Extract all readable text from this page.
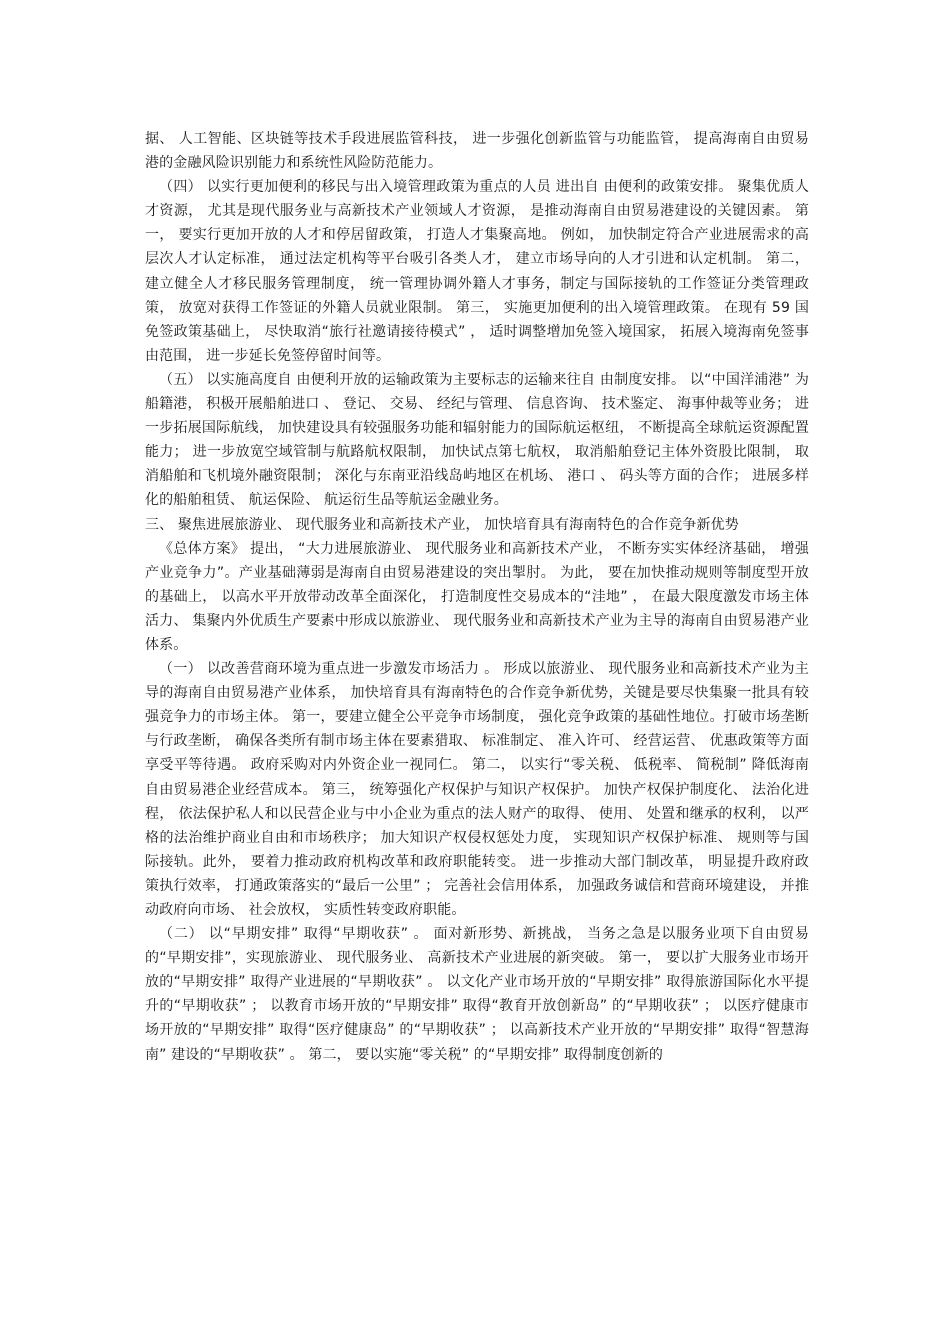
据、 人工智能、区块链等技术手段进展监管科技， 进一步强化创新监管与功能监管， 提高海南自由贸易港的金融风险识别能力和系统性风险防范能力。

（四） 以实行更加便利的移民与出入境管理政策为重点的人员 进出自 由便利的政策安排。 聚集优质人才资源， 尤其是现代服务业与高新技术产业领域人才资源， 是推动海南自由贸易港建设的关键因素。 第一， 要实行更加开放的人才和停居留政策， 打造人才集聚高地。 例如， 加快制定符合产业进展需求的高层次人才认定标准， 通过法定机构等平台吸引各类人才， 建立市场导向的人才引进和认定机制。 第二， 建立健全人才移民服务管理制度， 统一管理协调外籍人才事务，制定与国际接轨的工作签证分类管理政策， 放宽对获得工作签证的外籍人员就业限制。 第三， 实施更加便利的出入境管理政策。 在现有 59 国免签政策基础上， 尽快取消“旅行社邀请接待模式” ， 适时调整增加免签入境国家， 拓展入境海南免签事由范围， 进一步延长免签停留时间等。

（五） 以实施高度自 由便利开放的运输政策为主要标志的运输来往自 由制度安排。 以“中国洋浦港” 为船籍港， 积极开展船舶进口 、 登记、 交易、 经纪与管理、 信息咨询、 技术鉴定、 海事仲裁等业务； 进一步拓展国际航线， 加快建设具有较强服务功能和辐射能力的国际航运枢纽， 不断提高全球航运资源配置能力； 进一步放宽空域管制与航路航权限制， 加快试点第七航权， 取消船舶登记主体外资股比限制， 取消船舶和飞机境外融资限制； 深化与东南亚沿线岛屿地区在机场、 港口 、 码头等方面的合作； 进展多样化的船舶租赁、 航运保险、 航运衍生品等航运金融业务。

三、 聚焦进展旅游业、 现代服务业和高新技术产业， 加快培育具有海南特色的合作竞争新优势

《总体方案》 提出， “大力进展旅游业、 现代服务业和高新技术产业， 不断夯实实体经济基础， 增强产业竞争力”。产业基础薄弱是海南自由贸易港建设的突出掣肘。 为此， 要在加快推动规则等制度型开放的基础上， 以高水平开放带动改革全面深化， 打造制度性交易成本的“洼地” ， 在最大限度激发市场主体活力、 集聚内外优质生产要素中形成以旅游业、 现代服务业和高新技术产业为主导的海南自由贸易港产业体系。

（一） 以改善营商环境为重点进一步激发市场活力 。 形成以旅游业、 现代服务业和高新技术产业为主导的海南自由贸易港产业体系， 加快培育具有海南特色的合作竞争新优势，关键是要尽快集聚一批具有较强竞争力的市场主体。 第一，要建立健全公平竞争市场制度， 强化竞争政策的基础性地位。打破市场垄断与行政垄断， 确保各类所有制市场主体在要素猎取、 标准制定、 准入许可、 经营运营、 优惠政策等方面享受平等待遇。 政府采购对内外资企业一视同仁。 第二， 以实行“零关税、 低税率、 简税制” 降低海南自由贸易港企业经营成本。 第三， 统筹强化产权保护与知识产权保护。 加快产权保护制度化、 法治化进程， 依法保护私人和以民营企业与中小企业为重点的法人财产的取得、 使用、 处置和继承的权利， 以严格的法治维护商业自由和市场秩序； 加大知识产权侵权惩处力度， 实现知识产权保护标准、 规则等与国际接轨。此外， 要着力推动政府机构改革和政府职能转变。 进一步推动大部门制改革， 明显提升政府政策执行效率， 打通政策落实的“最后一公里” ； 完善社会信用体系， 加强政务诚信和营商环境建设， 并推动政府向市场、 社会放权， 实质性转变政府职能。

（二） 以“早期安排” 取得“早期收获” 。 面对新形势、新挑战， 当务之急是以服务业项下自由贸易的“早期安排”，实现旅游业、 现代服务业、 高新技术产业进展的新突破。 第一， 要以扩大服务业市场开放的“早期安排” 取得产业进展的“早期收获” 。 以文化产业市场开放的“早期安排” 取得旅游国际化水平提升的“早期收获” ； 以教育市场开放的“早期安排” 取得“教育开放创新岛” 的“早期收获” ； 以医疗健康市场开放的“早期安排” 取得“医疗健康岛” 的“早期收获” ； 以高新技术产业开放的“早期安排” 取得“智慧海南” 建设的“早期收获” 。 第二， 要以实施“零关税” 的“早期安排” 取得制度创新的
